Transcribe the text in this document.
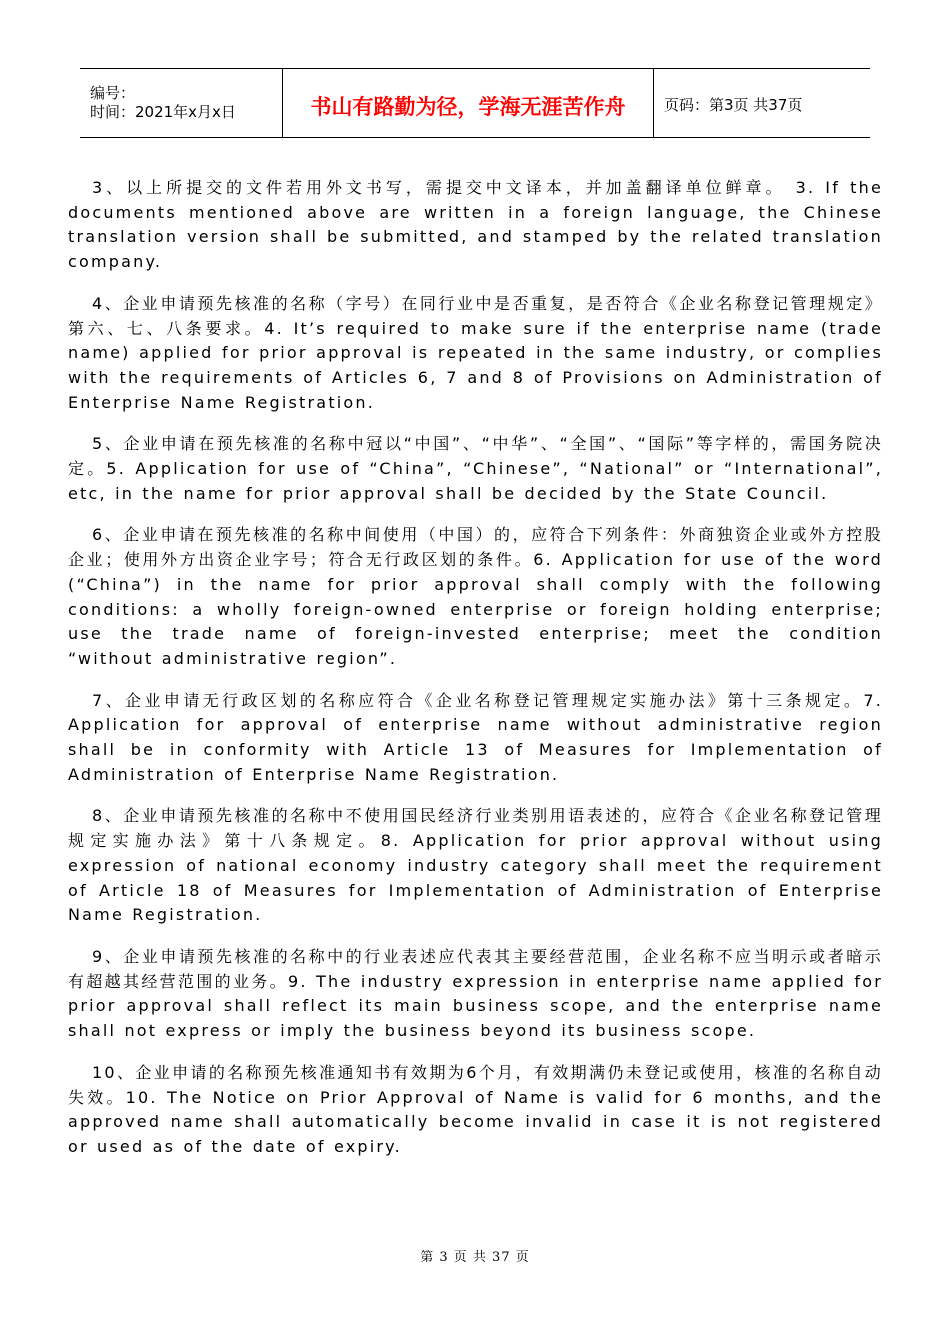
编号：
时间：2021年x月x日	书山有路勤为径，学海无涯苦作舟	页码：第3页 共37页

3、以上所提交的文件若用外文书写，需提交中文译本，并加盖翻译单位鲜章。 3. If the documents mentioned above are written in a foreign language, the Chinese translation version shall be submitted, and stamped by the related translation company.

4、企业申请预先核准的名称（字号）在同行业中是否重复，是否符合《企业名称登记管理规定》第六、七、八条要求。4. It’s required to make sure if the enterprise name (trade name) applied for prior approval is repeated in the same industry, or complies with the requirements of Articles 6, 7 and 8 of Provisions on Administration of Enterprise Name Registration.

5、企业申请在预先核准的名称中冠以“中国”、“中华”、“全国”、“国际”等字样的，需国务院决定。5. Application for use of “China”, “Chinese”, “National” or “International”, etc, in the name for prior approval shall be decided by the State Council.

6、企业申请在预先核准的名称中间使用（中国）的，应符合下列条件：外商独资企业或外方控股企业；使用外方出资企业字号；符合无行政区划的条件。6. Application for use of the word (“China”) in the name for prior approval shall comply with the following conditions: a wholly foreign-owned enterprise or foreign holding enterprise; use the trade name of foreign-invested enterprise; meet the condition “without administrative region”.

7、企业申请无行政区划的名称应符合《企业名称登记管理规定实施办法》第十三条规定。7. Application for approval of enterprise name without administrative region shall be in conformity with Article 13 of Measures for Implementation of Administration of Enterprise Name Registration.

8、企业申请预先核准的名称中不使用国民经济行业类别用语表述的，应符合《企业名称登记管理规定实施办法》第十八条规定。8. Application for prior approval without using expression of national economy industry category shall meet the requirement of Article 18 of Measures for Implementation of Administration of Enterprise Name Registration.

9、企业申请预先核准的名称中的行业表述应代表其主要经营范围，企业名称不应当明示或者暗示有超越其经营范围的业务。9. The industry expression in enterprise name applied for prior approval shall reflect its main business scope, and the enterprise name shall not express or imply the business beyond its business scope.

10、企业申请的名称预先核准通知书有效期为6个月，有效期满仍未登记或使用，核准的名称自动失效。10. The Notice on Prior Approval of Name is valid for 6 months, and the approved name shall automatically become invalid in case it is not registered or used as of the date of expiry.

第 3 页 共 37 页
